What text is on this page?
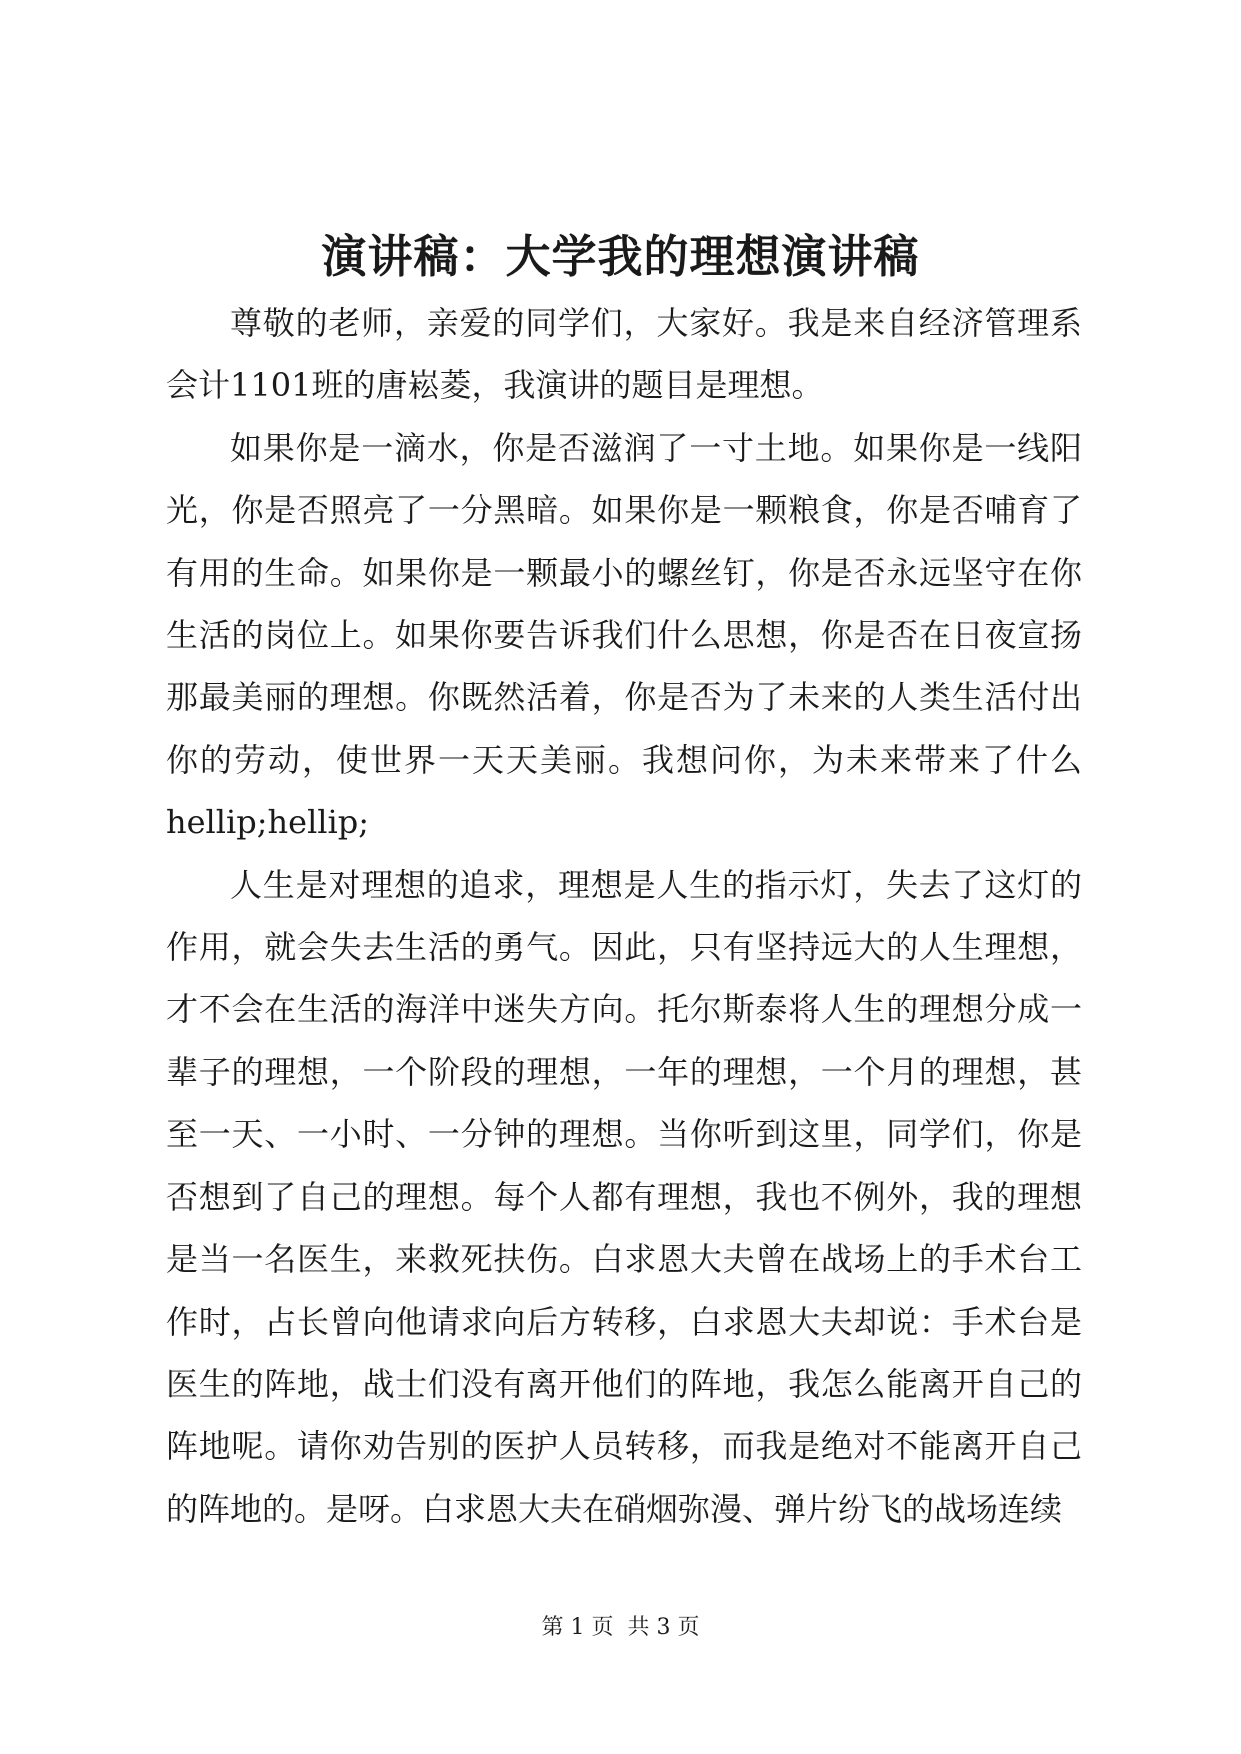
演讲稿：大学我的理想演讲稿

尊敬的老师，亲爱的同学们，大家好。我是来自经济管理系会计1101班的唐崧菱，我演讲的题目是理想。

如果你是一滴水，你是否滋润了一寸土地。如果你是一线阳光，你是否照亮了一分黑暗。如果你是一颗粮食，你是否哺育了有用的生命。如果你是一颗最小的螺丝钉，你是否永远坚守在你生活的岗位上。如果你要告诉我们什么思想，你是否在日夜宣扬那最美丽的理想。你既然活着，你是否为了未来的人类生活付出你的劳动，使世界一天天美丽。我想问你，为未来带来了什么hellip;hellip;

人生是对理想的追求，理想是人生的指示灯，失去了这灯的作用，就会失去生活的勇气。因此，只有坚持远大的人生理想，才不会在生活的海洋中迷失方向。托尔斯泰将人生的理想分成一辈子的理想，一个阶段的理想，一年的理想，一个月的理想，甚至一天、一小时、一分钟的理想。当你听到这里，同学们，你是否想到了自己的理想。每个人都有理想，我也不例外，我的理想是当一名医生，来救死扶伤。白求恩大夫曾在战场上的手术台工作时，占长曾向他请求向后方转移，白求恩大夫却说：手术台是医生的阵地，战士们没有离开他们的阵地，我怎么能离开自己的阵地呢。请你劝告别的医护人员转移，而我是绝对不能离开自己的阵地的。是呀。白求恩大夫在硝烟弥漫、弹片纷飞的战场连续

第 1 页 共 3 页
